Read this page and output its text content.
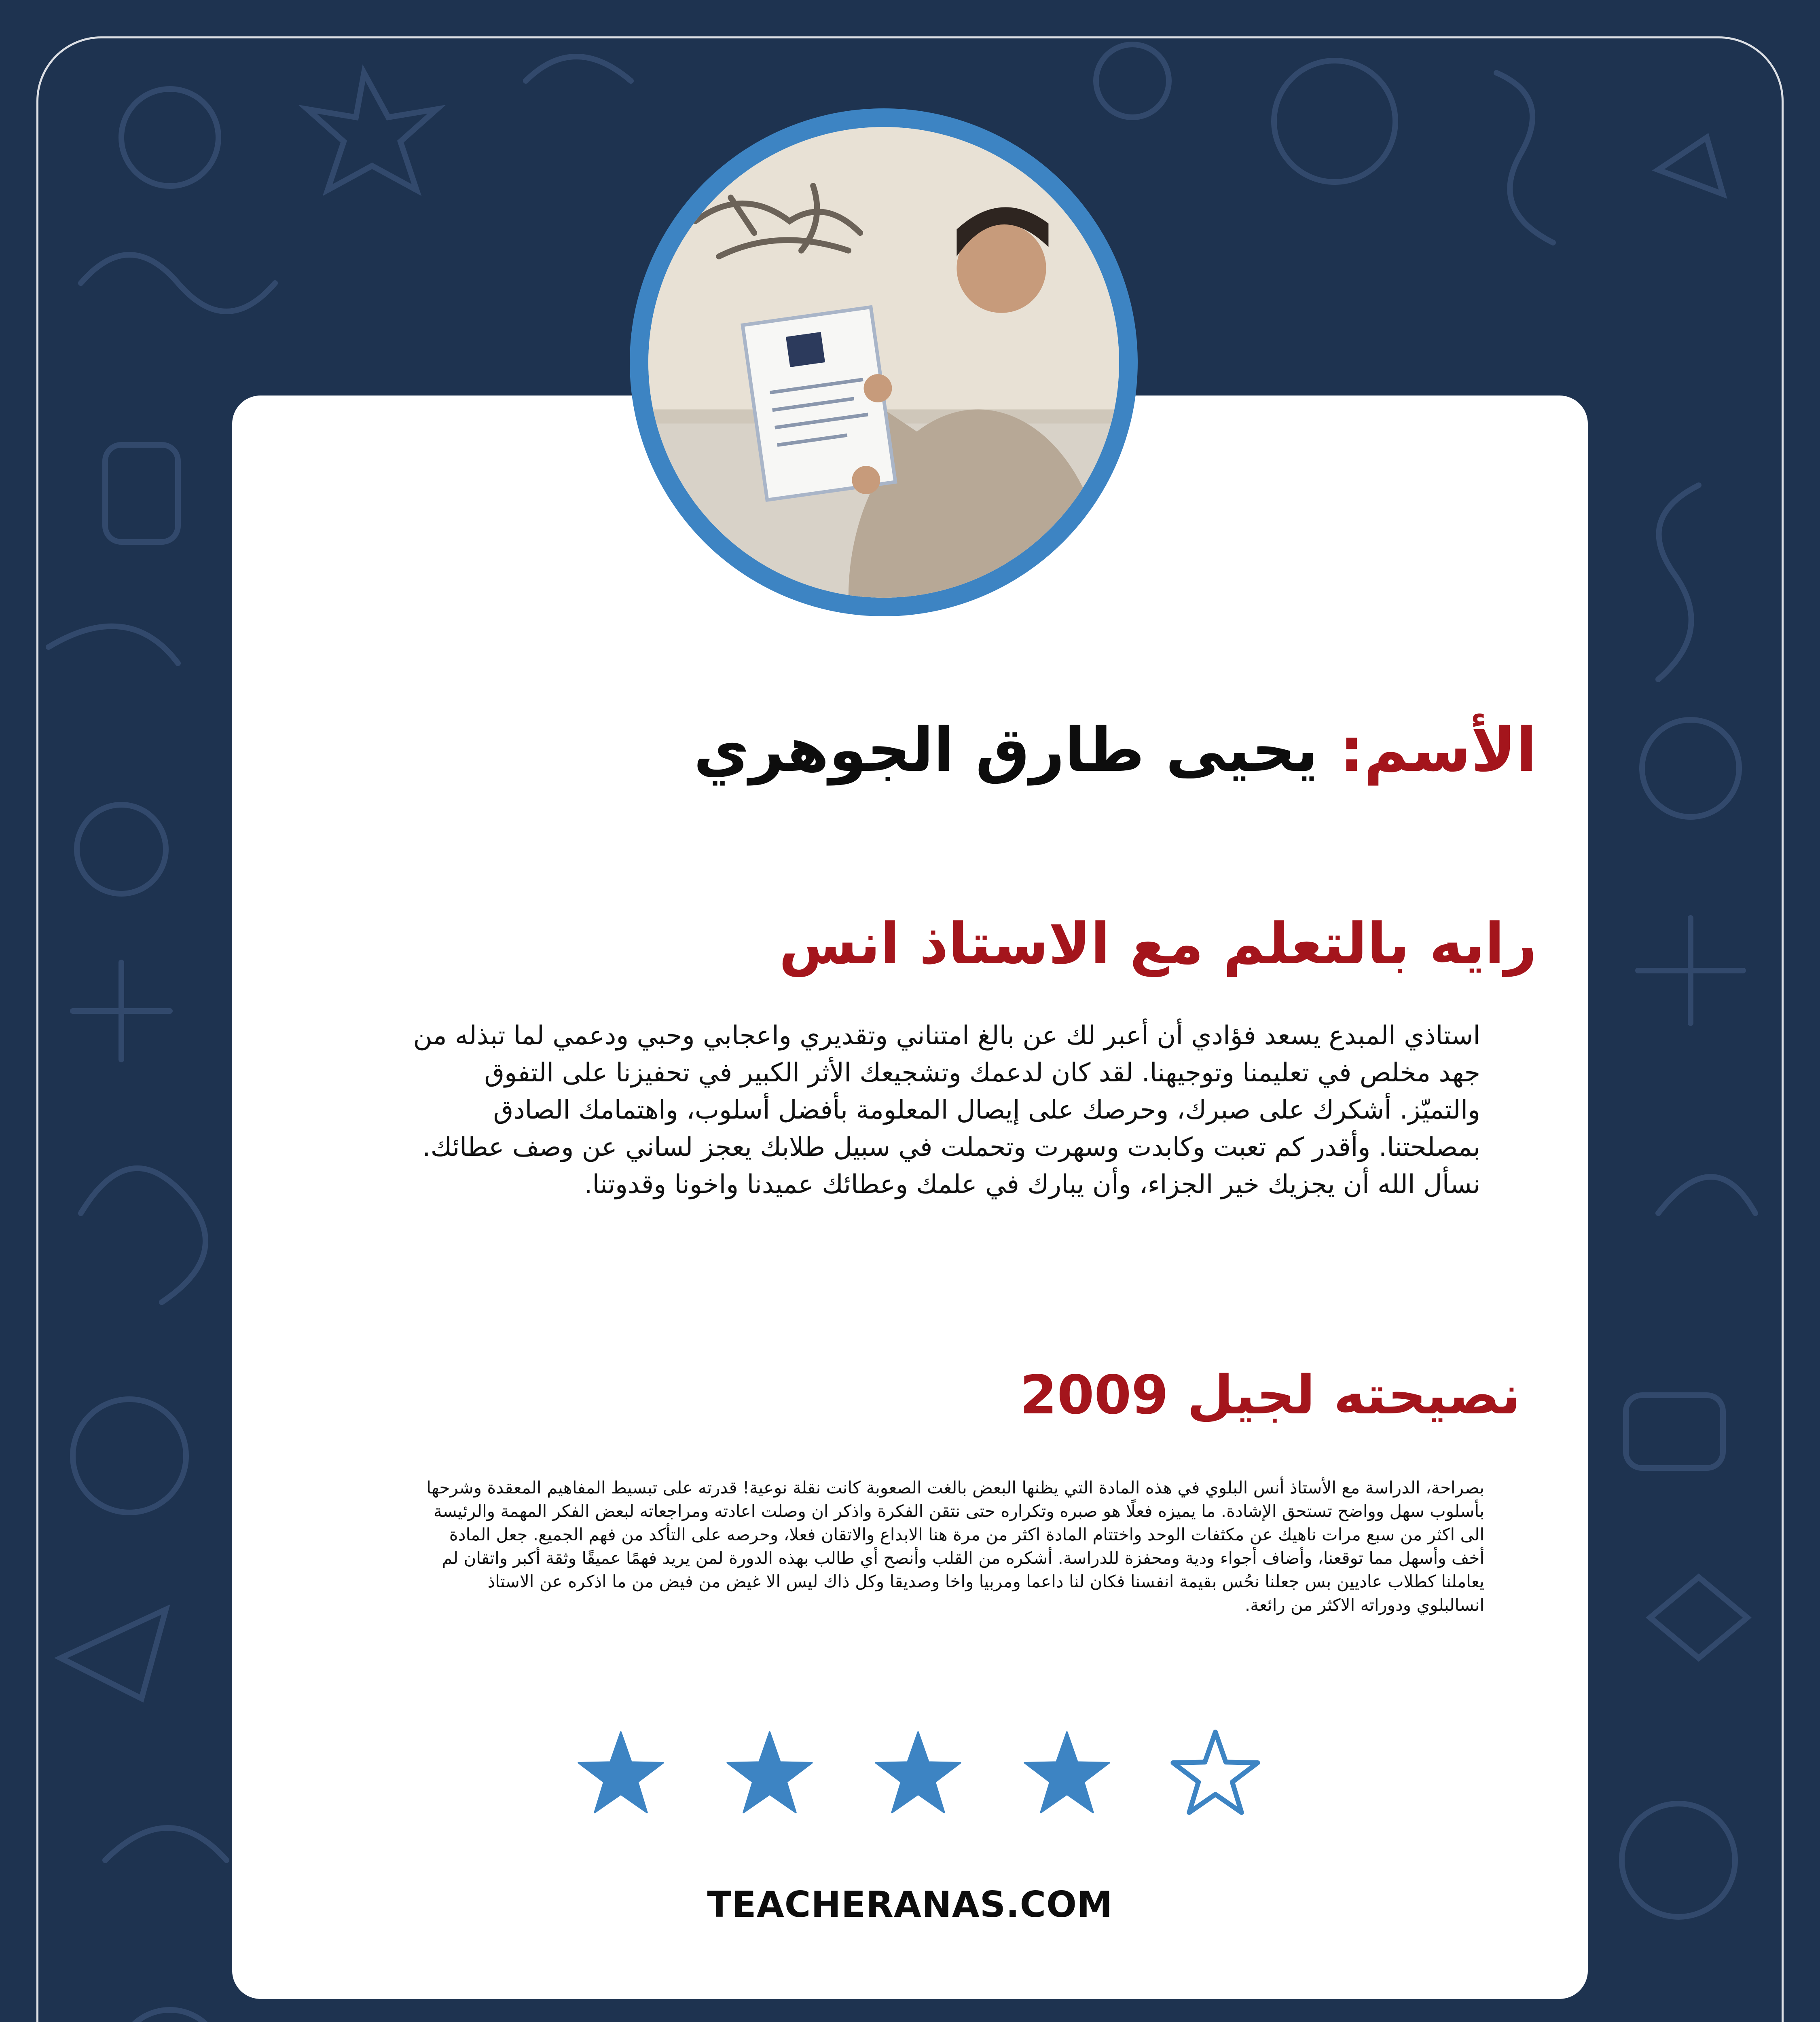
الأسم: يحيى طارق الجوهري
رايه بالتعلم مع الاستاذ انس

استاذي المبدع يسعد فؤادي أن أعبر لك عن بالغ امتناني وتقديري واعجابي وحبي ودعمي لما تبذله من جهد مخلص في تعليمنا وتوجيهنا. لقد كان لدعمك وتشجيعك الأثر الكبير في تحفيزنا على التفوق والتميّز. أشكرك على صبرك، وحرصك على إيصال المعلومة بأفضل أسلوب، واهتمامك الصادق بمصلحتنا. وأقدر كم تعبت وكابدت وسهرت وتحملت في سبيل طلابك يعجز لساني عن وصف عطائك. نسأل الله أن يجزيك خير الجزاء، وأن يبارك في علمك وعطائك عميدنا واخونا وقدوتنا.

نصيحته لجيل 2009

بصراحة، الدراسة مع الأستاذ أنس البلوي في هذه المادة التي يظنها البعض بالغت الصعوبة كانت نقلة نوعية! قدرته على تبسيط المفاهيم المعقدة وشرحها بأسلوب سهل وواضح تستحق الإشادة. ما يميزه فعلًا هو صبره وتكراره حتى نتقن الفكرة واذكر ان وصلت اعادته ومراجعاته لبعض الفكر المهمة والرئيسة الى اكثر من سبع مرات ناهيك عن مكثفات الوحد واختتام المادة اكثر من مرة هنا الابداع والاتقان فعلا، وحرصه على التأكد من فهم الجميع. جعل المادة أخف وأسهل مما توقعنا، وأضاف أجواء ودية ومحفزة للدراسة. أشكره من القلب وأنصح أي طالب بهذه الدورة لمن يريد فهمًا عميقًا وثقة أكبر واتقان لم يعاملنا كطلاب عاديين بس جعلنا نحُس بقيمة انفسنا فكان لنا داعما ومربيا واخا وصديقا وكل ذاك ليس الا غيض من فيض من ما اذكره عن الاستاذ انسالبلوي ودوراته الاكثر من رائعة.

TEACHERANAS.COM
